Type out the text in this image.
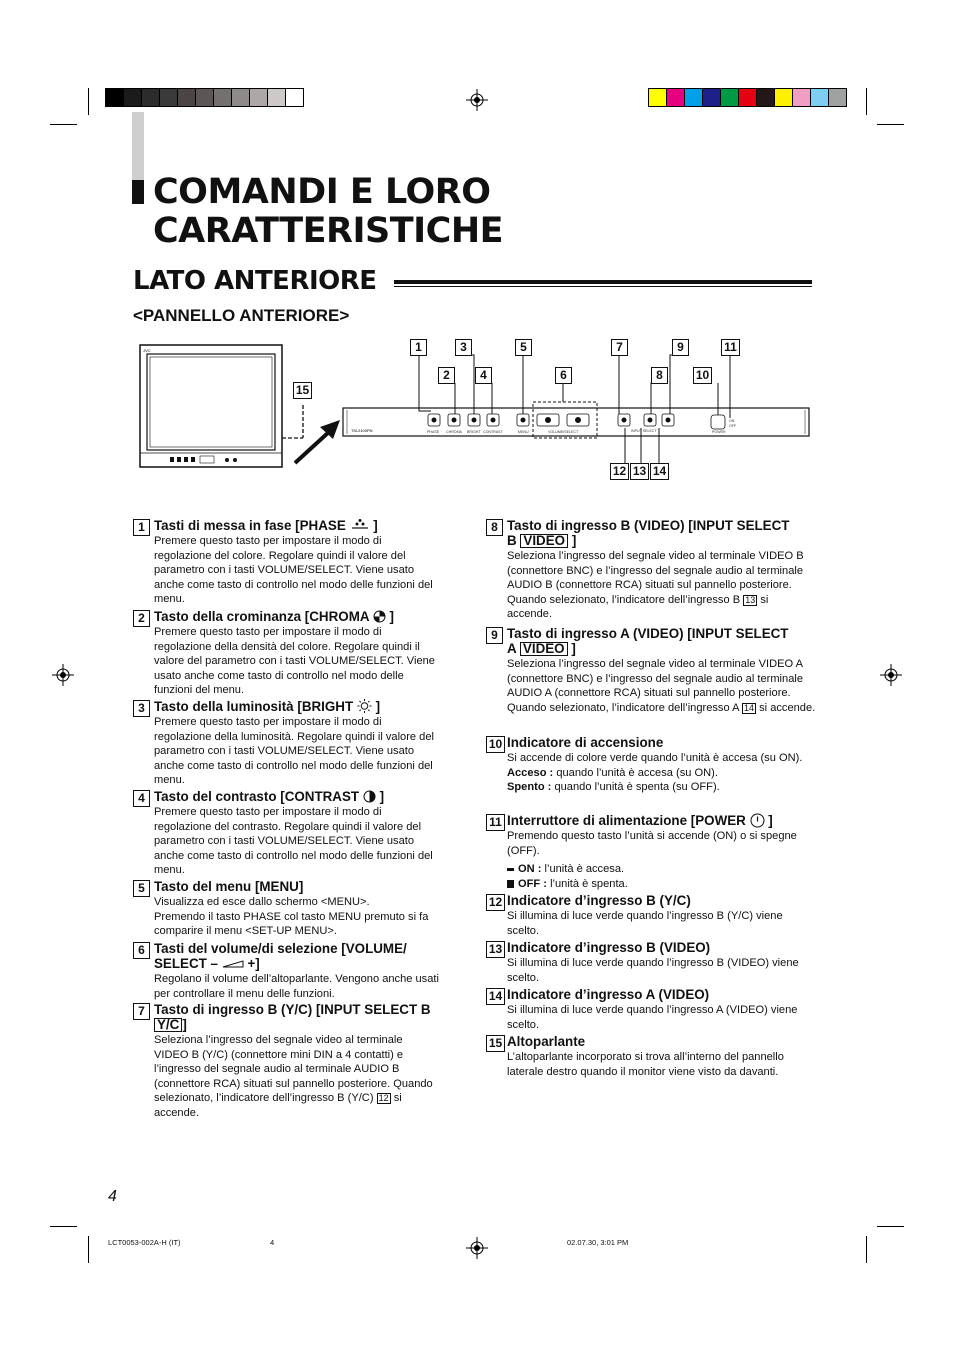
COMANDI E LORO
CARATTERISTICHE
LATO ANTERIORE
<PANNELLO ANTERIORE>
JVC
TM-2100PN	PHASE CHROMA BRIGHT CONTRAST	MENU	VOLUME/SELECT	INPUT SELECT	POWER
ON
OFF
1
2
3
4
5
6
7
8
9
10
11
12 13 14
15
1 Tasti di messa in fase [PHASE ]
Premere questo tasto per impostare il modo di regolazione del colore. Regolare quindi il valore del parametro con i tasti VOLUME/SELECT. Viene usato anche come tasto di controllo nel modo delle funzioni del menu.
2 Tasto della crominanza [CHROMA ]
Premere questo tasto per impostare il modo di regolazione della densità del colore. Regolare quindi il valore del parametro con i tasti VOLUME/SELECT. Viene usato anche come tasto di controllo nel modo delle funzioni del menu.
3 Tasto della luminosità [BRIGHT ]
Premere questo tasto per impostare il modo di regolazione della luminosità. Regolare quindi il valore del parametro con i tasti VOLUME/SELECT. Viene usato anche come tasto di controllo nel modo delle funzioni del menu.
4 Tasto del contrasto [CONTRAST ]
Premere questo tasto per impostare il modo di regolazione del contrasto. Regolare quindi il valore del parametro con i tasti VOLUME/SELECT. Viene usato anche come tasto di controllo nel modo delle funzioni del menu.
5 Tasto del menu [MENU]
Visualizza ed esce dallo schermo <MENU>.
Premendo il tasto PHASE col tasto MENU premuto si fa comparire il menu <SET-UP MENU>.
6 Tasti del volume/di selezione [VOLUME/
SELECT – +]
Regolano il volume dell’altoparlante. Vengono anche usati per controllare il menu delle funzioni.
7 Tasto di ingresso B (Y/C) [INPUT SELECT B
Y/C ]
Seleziona l’ingresso del segnale video al terminale VIDEO B (Y/C) (connettore mini DIN a 4 contatti) e l’ingresso del segnale audio al terminale AUDIO B (connettore RCA) situati sul pannello posteriore. Quando selezionato, l’indicatore dell’ingresso B (Y/C) 12 si accende.
8 Tasto di ingresso B (VIDEO) [INPUT SELECT
B VIDEO ]
Seleziona l’ingresso del segnale video al terminale VIDEO B (connettore BNC) e l’ingresso del segnale audio al terminale AUDIO B (connettore RCA) situati sul pannello posteriore. Quando selezionato, l’indicatore dell’ingresso B 13 si accende.
9 Tasto di ingresso A (VIDEO) [INPUT SELECT
A VIDEO ]
Seleziona l’ingresso del segnale video al terminale VIDEO A (connettore BNC) e l’ingresso del segnale audio al terminale AUDIO A (connettore RCA) situati sul pannello posteriore. Quando selezionato, l’indicatore dell’ingresso A 14 si accende.
10 Indicatore di accensione
Si accende di colore verde quando l’unità è accesa (su ON).
Acceso : quando l’unità è accesa (su ON).
Spento : quando l’unità è spenta (su OFF).
11 Interruttore di alimentazione [POWER ]
Premendo questo tasto l’unità si accende (ON) o si spegne (OFF).
ON : l’unità è accesa.
OFF : l’unità è spenta.
12 Indicatore d’ingresso B (Y/C)
Si illumina di luce verde quando l’ingresso B (Y/C) viene scelto.
13 Indicatore d’ingresso B (VIDEO)
Si illumina di luce verde quando l’ingresso B (VIDEO) viene scelto.
14 Indicatore d’ingresso A (VIDEO)
Si illumina di luce verde quando l’ingresso A (VIDEO) viene scelto.
15 Altoparlante
L’altoparlante incorporato si trova all’interno del pannello laterale destro quando il monitor viene visto da davanti.
4
LCT0053-002A-H (IT)	4	02.07.30, 3:01 PM
